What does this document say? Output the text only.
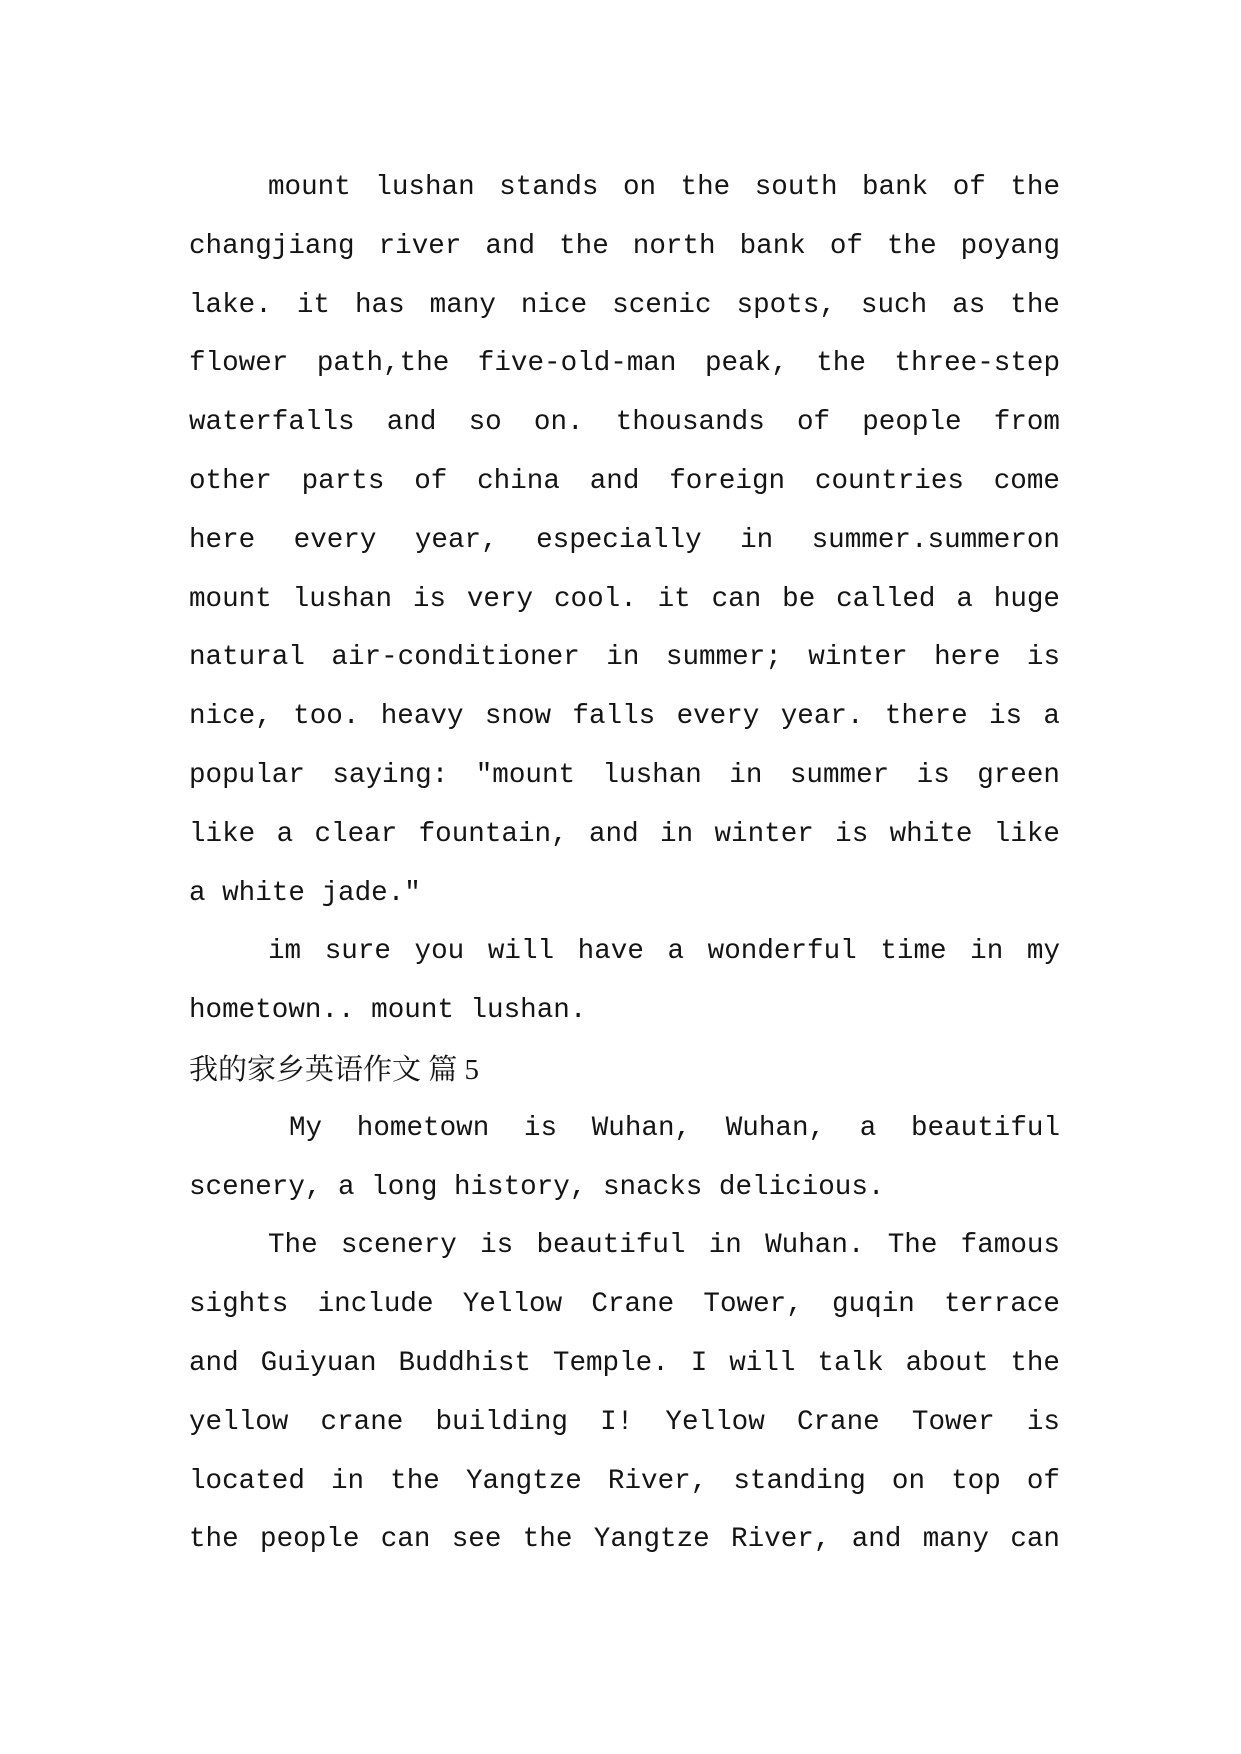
mount lushan stands on the south bank of the
changjiang river and the north bank of the poyang
lake. it has many nice scenic spots, such as the
flower path,the five-old-man peak, the three-step
waterfalls and so on. thousands of people from
other parts of china and foreign countries come
here every year, especially in summer.summeron
mount lushan is very cool. it can be called a huge
natural air-conditioner in summer; winter here is
nice, too. heavy snow falls every year. there is a
popular saying: "mount lushan in summer is green
like a clear fountain, and in winter is white like
a white jade."
im sure you will have a wonderful time in my
hometown.. mount lushan.
我的家乡英语作文 篇 5
My hometown is Wuhan, Wuhan, a beautiful
scenery, a long history, snacks delicious.
The scenery is beautiful in Wuhan. The famous
sights include Yellow Crane Tower, guqin terrace
and Guiyuan Buddhist Temple. I will talk about the
yellow crane building I! Yellow Crane Tower is
located in the Yangtze River, standing on top of
the people can see the Yangtze River, and many can
